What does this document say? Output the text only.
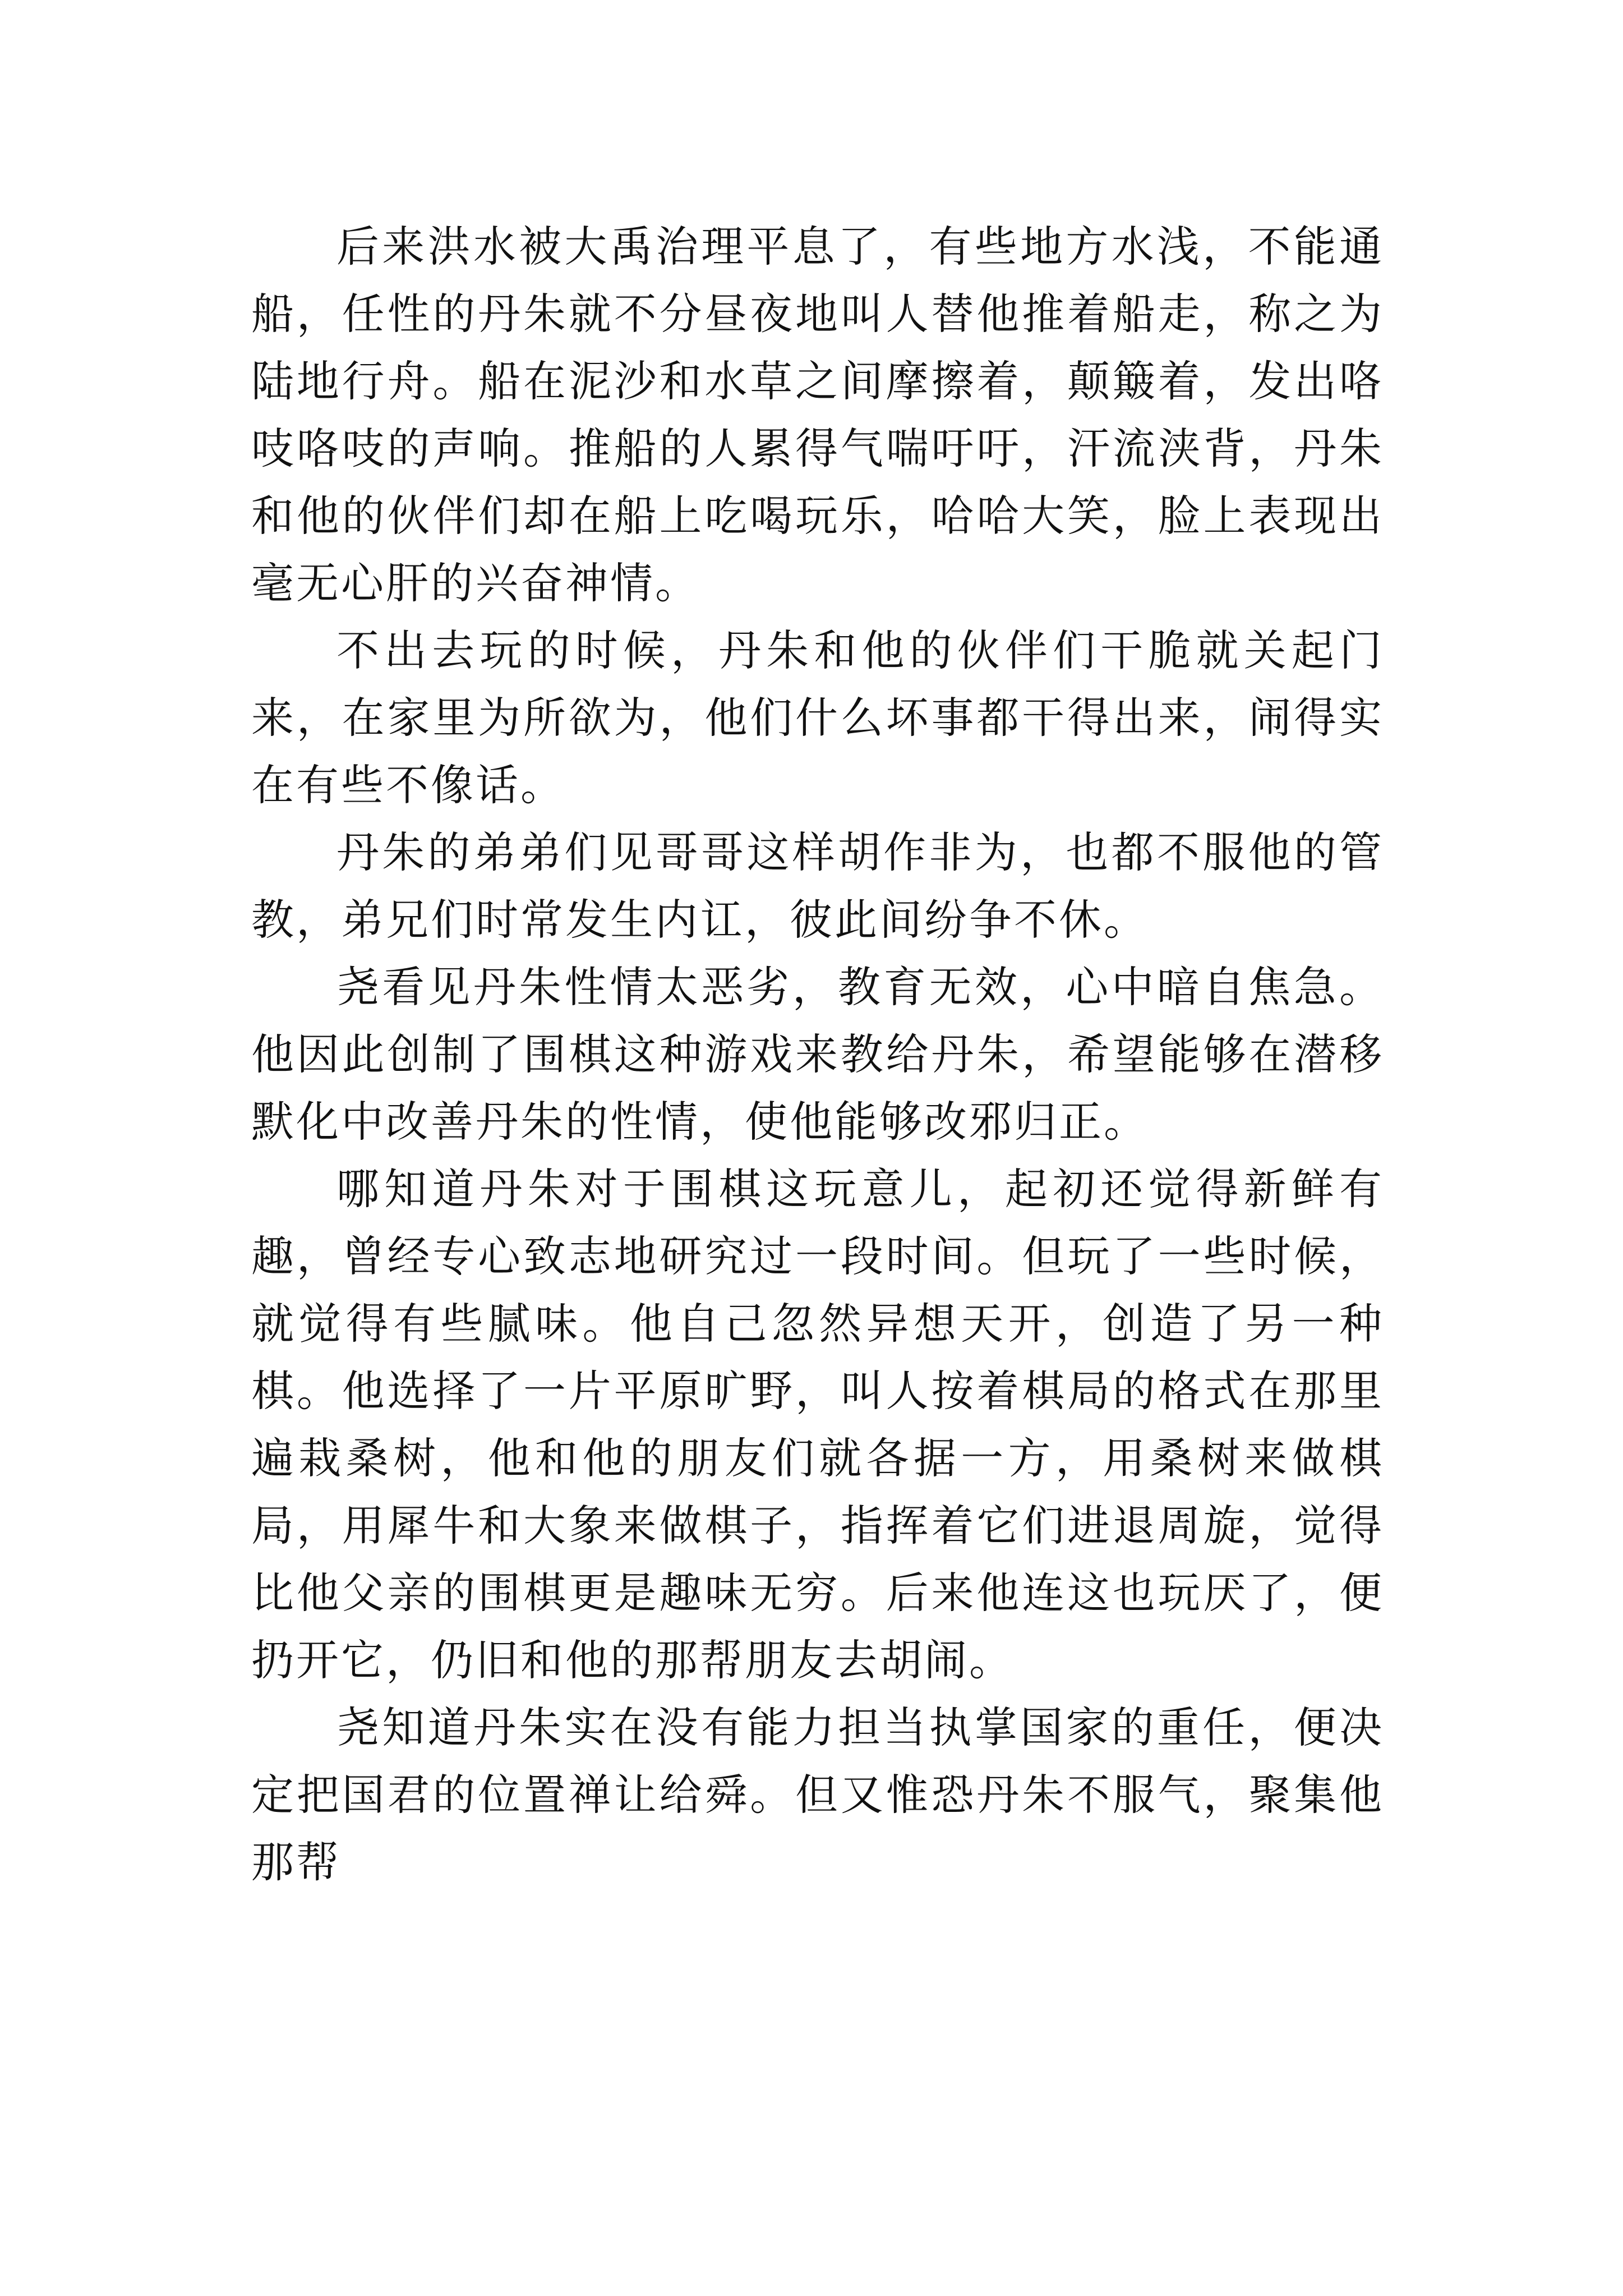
后来洪水被大禹治理平息了，有些地方水浅，不能通船，任性的丹朱就不分昼夜地叫人替他推着船走，称之为陆地行舟。船在泥沙和水草之间摩擦着，颠簸着，发出咯吱咯吱的声响。推船的人累得气喘吁吁，汗流浃背，丹朱和他的伙伴们却在船上吃喝玩乐，哈哈大笑，脸上表现出毫无心肝的兴奋神情。

不出去玩的时候，丹朱和他的伙伴们干脆就关起门来，在家里为所欲为，他们什么坏事都干得出来，闹得实在有些不像话。

丹朱的弟弟们见哥哥这样胡作非为，也都不服他的管教，弟兄们时常发生内讧，彼此间纷争不休。

尧看见丹朱性情太恶劣，教育无效，心中暗自焦急。他因此创制了围棋这种游戏来教给丹朱，希望能够在潜移默化中改善丹朱的性情，使他能够改邪归正。

哪知道丹朱对于围棋这玩意儿，起初还觉得新鲜有趣，曾经专心致志地研究过一段时间。但玩了一些时候，就觉得有些腻味。他自己忽然异想天开，创造了另一种棋。他选择了一片平原旷野，叫人按着棋局的格式在那里遍栽桑树，他和他的朋友们就各据一方，用桑树来做棋局，用犀牛和大象来做棋子，指挥着它们进退周旋，觉得比他父亲的围棋更是趣味无穷。后来他连这也玩厌了，便扔开它，仍旧和他的那帮朋友去胡闹。

尧知道丹朱实在没有能力担当执掌国家的重任，便决定把国君的位置禅让给舜。但又惟恐丹朱不服气，聚集他那帮
